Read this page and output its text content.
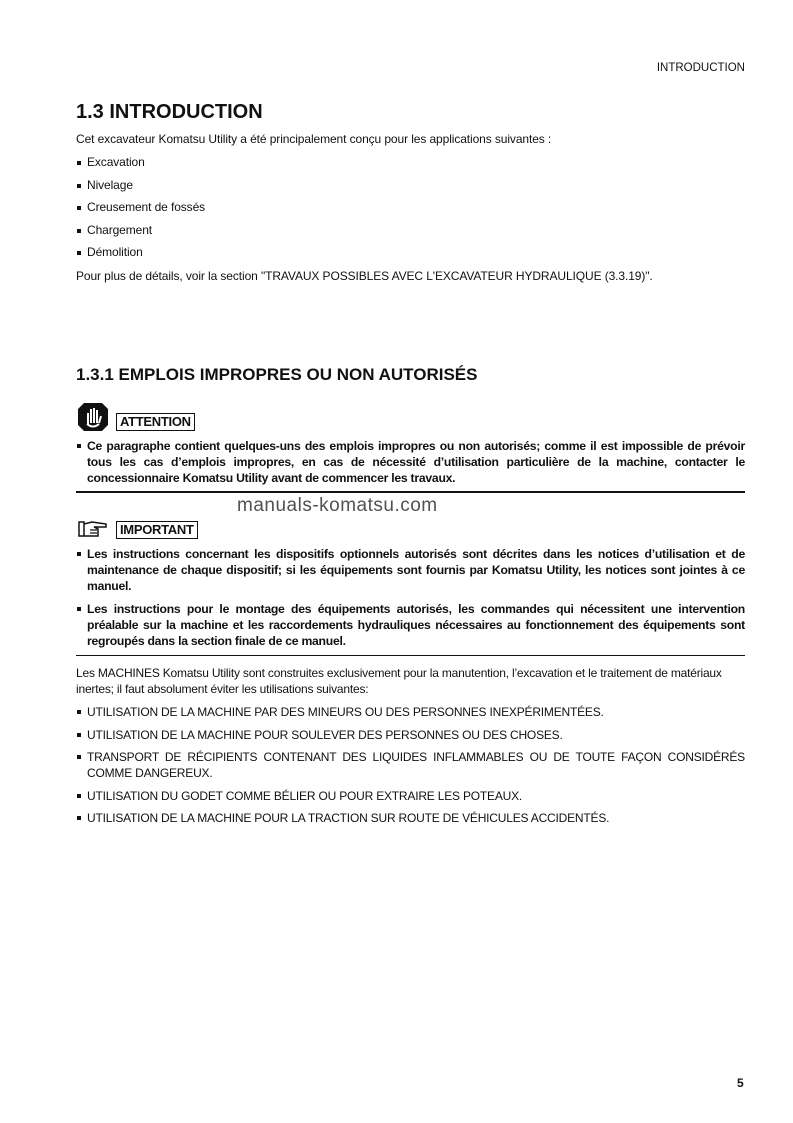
INTRODUCTION
1.3 INTRODUCTION
Cet excavateur Komatsu Utility a été principalement conçu pour les applications suivantes :
Excavation
Nivelage
Creusement de fossés
Chargement
Démolition
Pour plus de détails, voir la section "TRAVAUX POSSIBLES AVEC L'EXCAVATEUR HYDRAULIQUE (3.3.19)".
1.3.1 EMPLOIS IMPROPRES OU NON AUTORISÉS
ATTENTION
Ce paragraphe contient quelques-uns des emplois impropres ou non autorisés; comme il est impossible de prévoir tous les cas d’emplois impropres, en cas de nécessité d’utilisation particulière de la machine, contacter le concessionnaire Komatsu Utility avant de commencer les travaux.
manuals-komatsu.com
IMPORTANT
Les instructions concernant les dispositifs optionnels autorisés sont décrites dans les notices d’utilisation et de maintenance de chaque dispositif; si les équipements sont fournis par Komatsu Utility, les notices sont jointes à ce manuel.
Les instructions pour le montage des équipements autorisés, les commandes qui nécessitent une intervention préalable sur la machine et les raccordements hydrauliques nécessaires au fonctionnement des équipements sont regroupés dans la section finale de ce manuel.
Les MACHINES Komatsu Utility sont construites exclusivement pour la manutention, l’excavation et le traitement de matériaux inertes; il faut absolument éviter les utilisations suivantes:
UTILISATION DE LA MACHINE PAR DES MINEURS OU DES PERSONNES INEXPÉRIMENTÉES.
UTILISATION DE LA MACHINE POUR SOULEVER DES PERSONNES OU DES CHOSES.
TRANSPORT DE RÉCIPIENTS CONTENANT DES LIQUIDES INFLAMMABLES OU DE TOUTE FAÇON CONSIDÉRÉS COMME DANGEREUX.
UTILISATION DU GODET COMME BÉLIER OU POUR EXTRAIRE LES POTEAUX.
UTILISATION DE LA MACHINE POUR LA TRACTION SUR ROUTE DE VÉHICULES ACCIDENTÉS.
5
